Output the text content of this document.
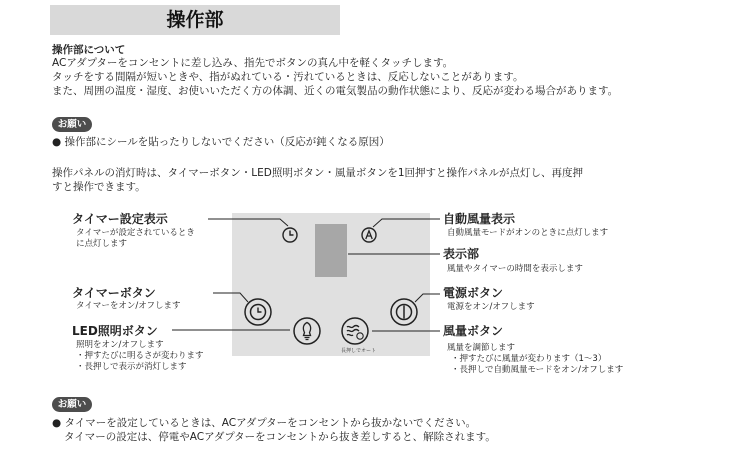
操作部
操作部について
ACアダプターをコンセントに差し込み、指先でボタンの真ん中を軽くタッチします。
タッチをする間隔が短いときや、指がぬれている・汚れているときは、反応しないことがあります。
また、周囲の温度・湿度、お使いいただく方の体調、近くの電気製品の動作状態により、反応が変わる場合があります。
お願い
● 操作部にシールを貼ったりしないでください（反応が鈍くなる原因）
操作パネルの消灯時は、タイマーボタン・LED照明ボタン・風量ボタンを1回押すと操作パネルが点灯し、再度押
すと操作できます。
長押しでオート
タイマー設定表示
タイマーが設定されているとき
に点灯します
タイマーボタン
タイマーをオン/オフします
LED照明ボタン
照明をオン/オフします
・押すたびに明るさが変わります
・長押しで表示が消灯します
自動風量表示
自動風量モードがオンのときに点灯します
表示部
風量やタイマーの時間を表示します
電源ボタン
電源をオン/オフします
風量ボタン
風量を調節します
・押すたびに風量が変わります（1〜3）
・長押しで自動風量モードをオン/オフします
お願い
● タイマーを設定しているときは、ACアダプターをコンセントから抜かないでください。
タイマーの設定は、停電やACアダプターをコンセントから抜き差しすると、解除されます。
